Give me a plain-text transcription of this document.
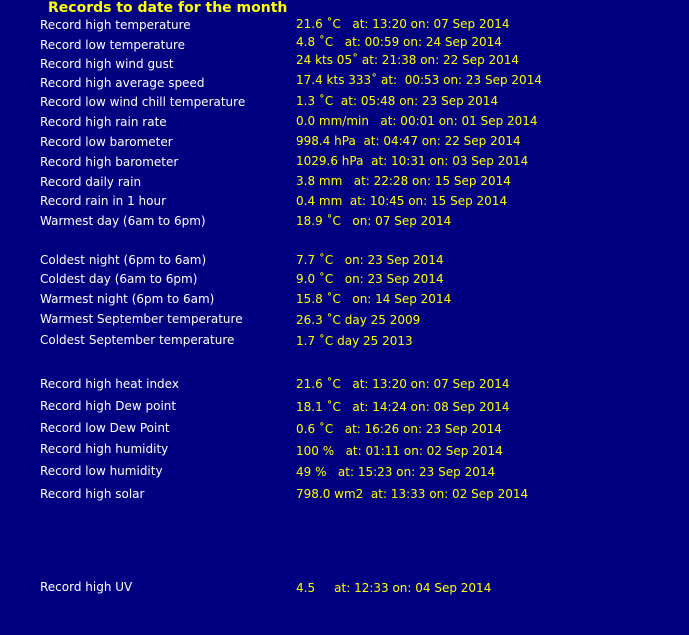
Records to date for the month
Record high temperature	21.6 ˚C   at: 13:20 on: 07 Sep 2014
Record low temperature	4.8 ˚C   at: 00:59 on: 24 Sep 2014
Record high wind gust	24 kts 05˚ at: 21:38 on: 22 Sep 2014
Record high average speed	17.4 kts 333˚ at:  00:53 on: 23 Sep 2014
Record low wind chill temperature	1.3 ˚C  at: 05:48 on: 23 Sep 2014
Record high rain rate	0.0 mm/min   at: 00:01 on: 01 Sep 2014
Record low barometer	998.4 hPa  at: 04:47 on: 22 Sep 2014
Record high barometer	1029.6 hPa  at: 10:31 on: 03 Sep 2014
Record daily rain	3.8 mm   at: 22:28 on: 15 Sep 2014
Record rain in 1 hour	0.4 mm  at: 10:45 on: 15 Sep 2014
Warmest day (6am to 6pm)	18.9 ˚C   on: 07 Sep 2014
Coldest night (6pm to 6am)	7.7 ˚C   on: 23 Sep 2014
Coldest day (6am to 6pm)	9.0 ˚C   on: 23 Sep 2014
Warmest night (6pm to 6am)	15.8 ˚C   on: 14 Sep 2014
Warmest September temperature	26.3 ˚C day 25 2009
Coldest September temperature	1.7 ˚C day 25 2013
Record high heat index	21.6 ˚C   at: 13:20 on: 07 Sep 2014
Record high Dew point	18.1 ˚C   at: 14:24 on: 08 Sep 2014
Record low Dew Point	0.6 ˚C   at: 16:26 on: 23 Sep 2014
Record high humidity	100 %   at: 01:11 on: 02 Sep 2014
Record low humidity	49 %   at: 15:23 on: 23 Sep 2014
Record high solar	798.0 wm2  at: 13:33 on: 02 Sep 2014
Record high UV	4.5     at: 12:33 on: 04 Sep 2014
